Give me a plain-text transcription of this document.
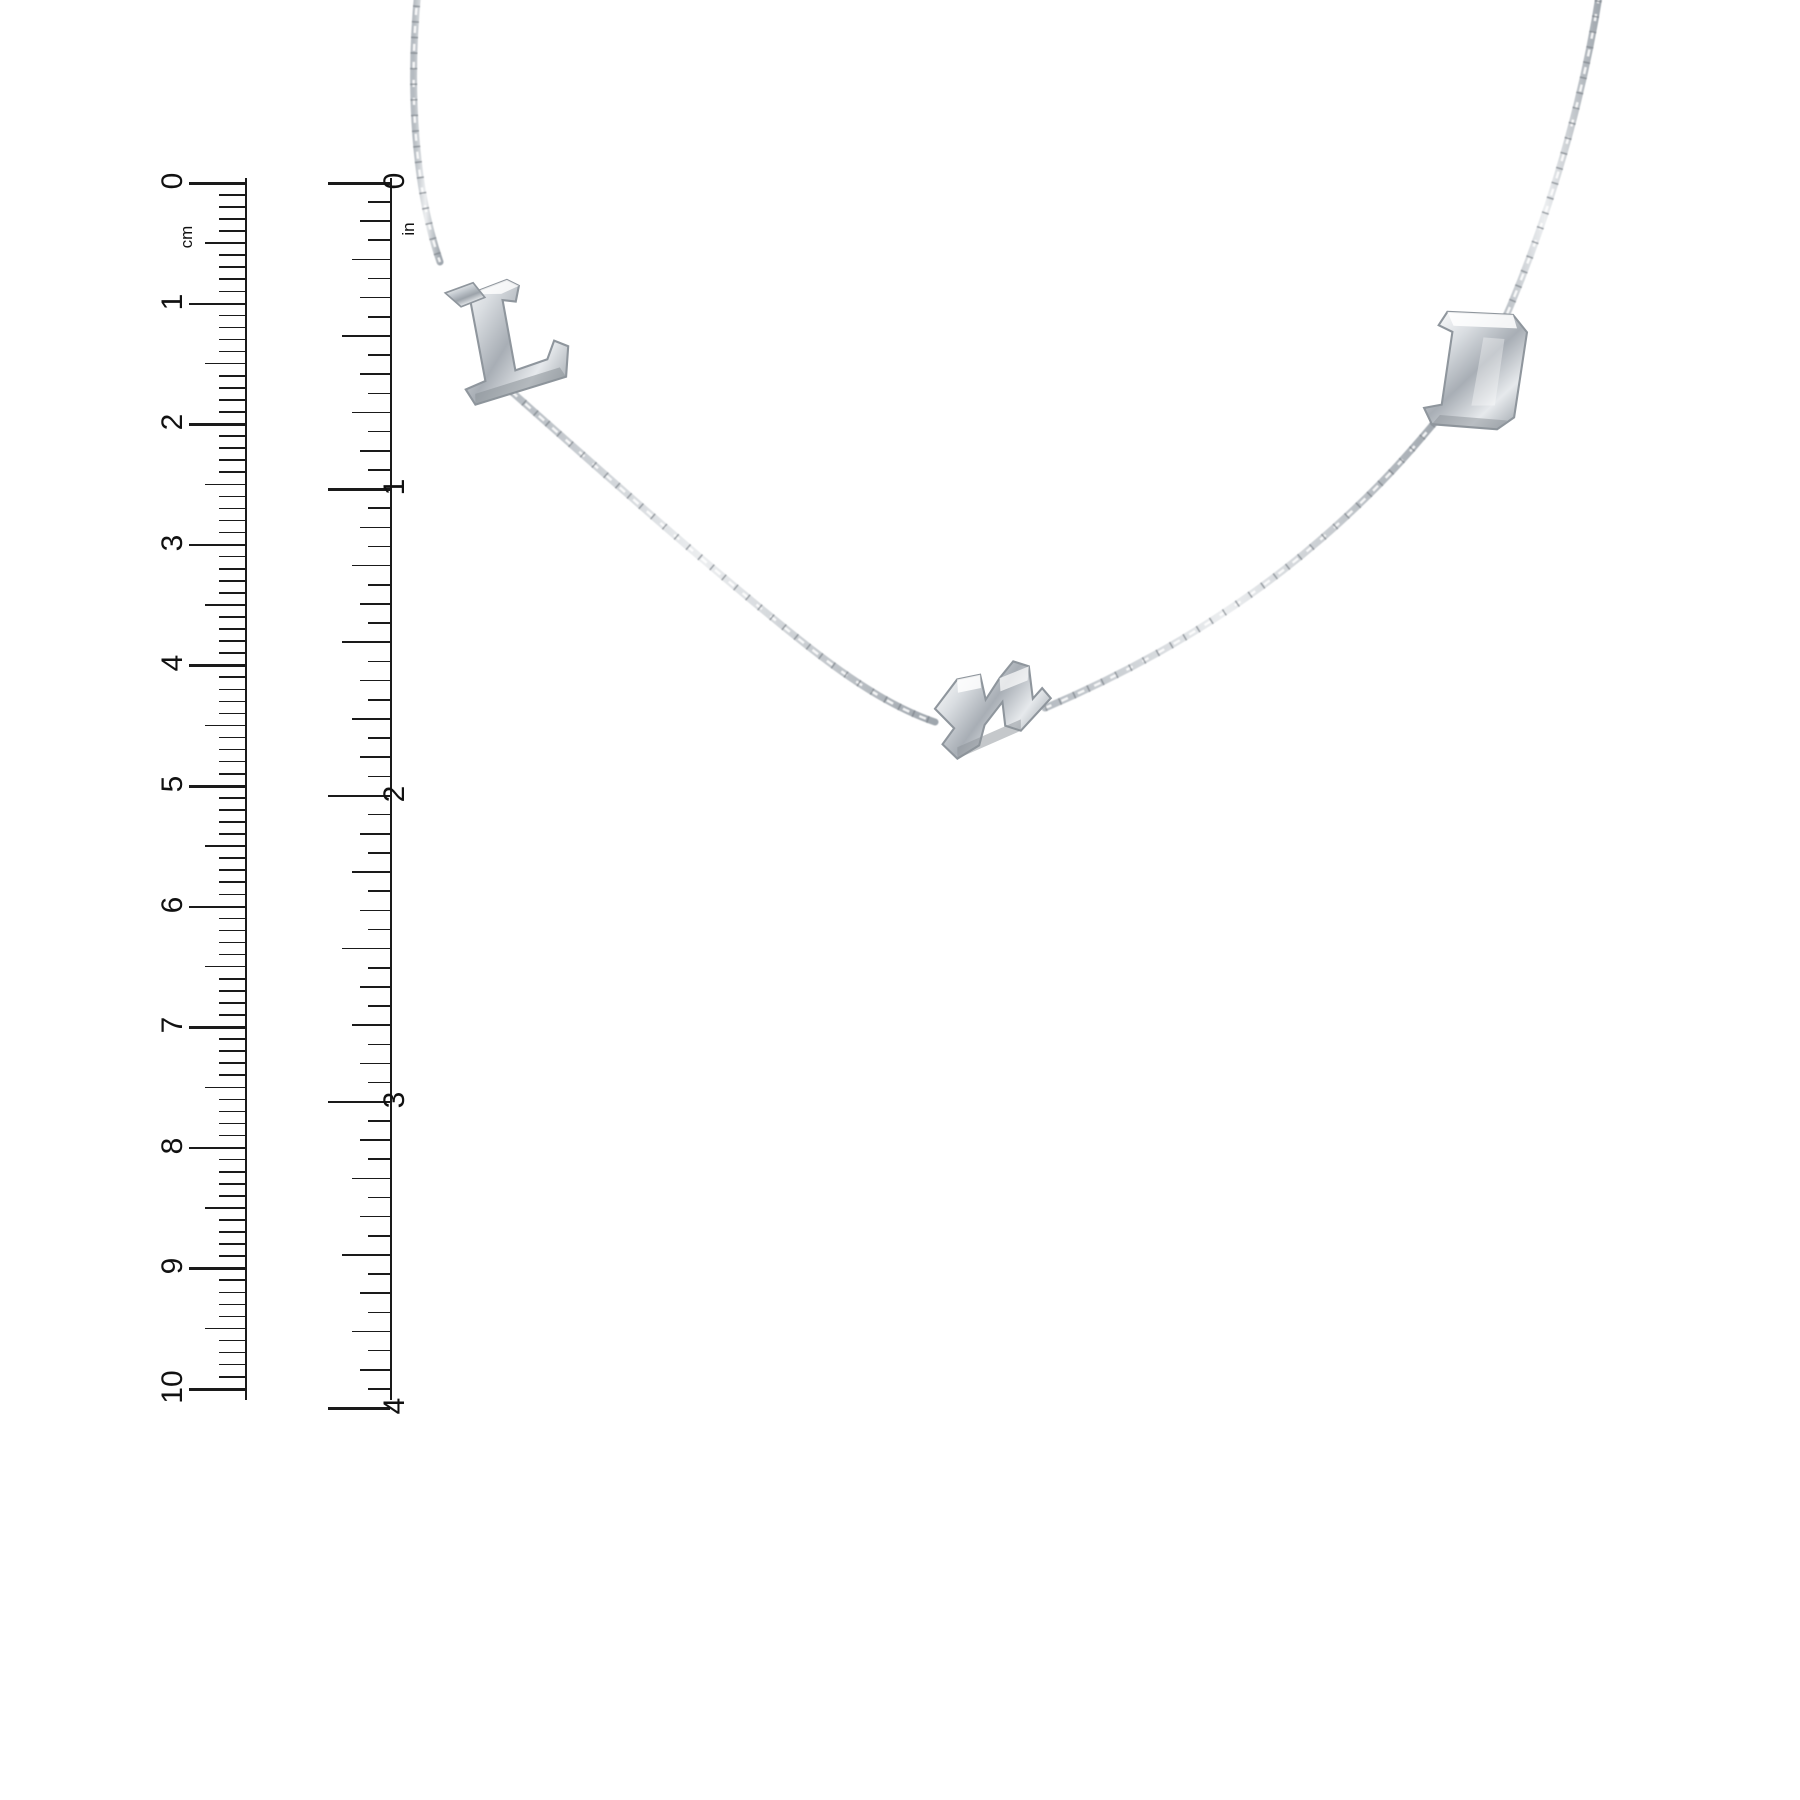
0
1
2
3
4
5
6
7
8
9
10
0
1
2
3
4
cm	in
